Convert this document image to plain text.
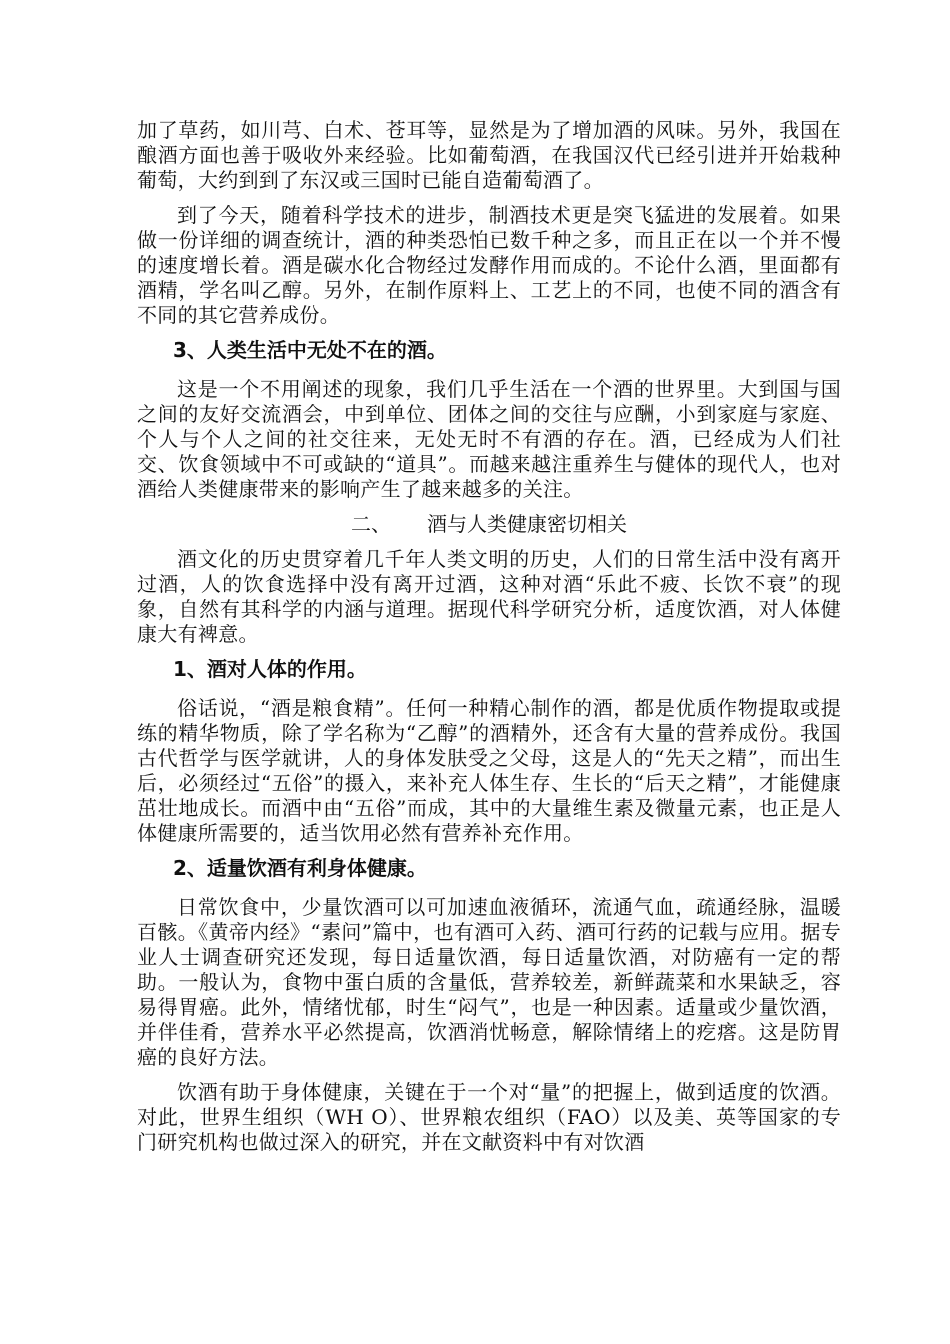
加了草药，如川芎、白术、苍耳等，显然是为了增加酒的风味。另外，我国在酿酒方面也善于吸收外来经验。比如葡萄酒，在我国汉代已经引进并开始栽种葡萄，大约到到了东汉或三国时已能自造葡萄酒了。

到了今天，随着科学技术的进步，制酒技术更是突飞猛进的发展着。如果做一份详细的调查统计，酒的种类恐怕已数千种之多，而且正在以一个并不慢的速度增长着。酒是碳水化合物经过发酵作用而成的。不论什么酒，里面都有酒精，学名叫乙醇。另外，在制作原料上、工艺上的不同，也使不同的酒含有不同的其它营养成份。

3、人类生活中无处不在的酒。

这是一个不用阐述的现象，我们几乎生活在一个酒的世界里。大到国与国之间的友好交流酒会，中到单位、团体之间的交往与应酬，小到家庭与家庭、个人与个人之间的社交往来，无处无时不有酒的存在。酒，已经成为人们社交、饮食领域中不可或缺的“道具”。而越来越注重养生与健体的现代人，也对酒给人类健康带来的影响产生了越来越多的关注。

二、 酒与人类健康密切相关

酒文化的历史贯穿着几千年人类文明的历史，人们的日常生活中没有离开过酒，人的饮食选择中没有离开过酒，这种对酒“乐此不疲、长饮不衰”的现象，自然有其科学的内涵与道理。据现代科学研究分析，适度饮酒，对人体健康大有裨意。

1、酒对人体的作用。

俗话说，“酒是粮食精”。任何一种精心制作的酒，都是优质作物提取或提练的精华物质，除了学名称为“乙醇”的酒精外，还含有大量的营养成份。我国古代哲学与医学就讲，人的身体发肤受之父母，这是人的“先天之精”，而出生后，必须经过“五俗”的摄入，来补充人体生存、生长的“后天之精”，才能健康茁壮地成长。而酒中由“五俗”而成，其中的大量维生素及微量元素，也正是人体健康所需要的，适当饮用必然有营养补充作用。

2、适量饮酒有利身体健康。

日常饮食中，少量饮酒可以可加速血液循环，流通气血，疏通经脉，温暖百骸。《黄帝内经》“素问”篇中，也有酒可入药、酒可行药的记载与应用。据专业人士调查研究还发现，每日适量饮酒，每日适量饮酒，对防癌有一定的帮助。一般认为，食物中蛋白质的含量低，营养较差，新鲜蔬菜和水果缺乏，容易得胃癌。此外，情绪忧郁，时生“闷气”，也是一种因素。适量或少量饮酒，并伴佳肴，营养水平必然提高，饮酒消忧畅意，解除情绪上的疙瘩。这是防胃癌的良好方法。

饮酒有助于身体健康，关键在于一个对“量”的把握上，做到适度的饮酒。对此，世界生组织（WH O）、世界粮农组织（FAO）以及美、英等国家的专门研究机构也做过深入的研究，并在文献资料中有对饮酒
